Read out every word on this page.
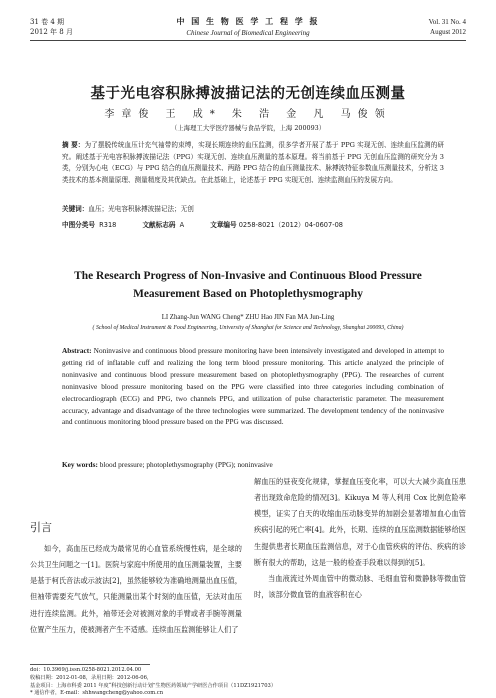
31 卷 4 期
2012 年 8 月
中 国 生 物 医 学 工 程 学 报
Chinese Journal of Biomedical Engineering
Vol. 31 No. 4
August 2012
基于光电容积脉搏波描记法的无创连续血压测量
李章俊 王 成* 朱 浩 金 凡 马俊领
（上海理工大学医疗器械与食品学院，上海 200093）
摘 要：为了摆脱传统血压计充气袖带的束缚，实现长期连续的血压监测，很多学者开展了基于 PPG 实现无创、连续血压监测的研究。阐述基于光电容积脉搏波描记法（PPG）实现无创、连续血压测量的基本原理。将当前基于 PPG 无创血压监测的研究分为 3 类，分别为心电（ECG）与 PPG 结合的血压测量技术、两路 PPG 结合的血压测量技术、脉搏波特征参数血压测量技术，分析这 3 类技术的基本测量原理、测量精度及其优缺点。在此基础上，论述基于 PPG 实现无创、连续监测血压的发展方向。
关键词：血压；光电容积脉搏波描记法；无创
中图分类号 R318	文献标志码 A	文章编号 0258-8021（2012）04-0607-08
The Research Progress of Non-Invasive and Continuous Blood Pressure
Measurement Based on Photoplethysmography
LI Zhang-Jun WANG Cheng* ZHU Hao JIN Fan MA Jun-Ling
( School of Medical Instrument & Food Engineering, University of Shanghai for Science and Technology, Shanghai 200093, China)
Abstract: Noninvasive and continuous blood pressure monitoring have been intensively investigated and developed in attempt to getting rid of inflatable cuff and realizing the long term blood pressure monitoring. This article analyzed the principle of noninvasive and continuous blood pressure measurement based on photoplethysmography (PPG). The researches of current noninvasive blood pressure monitoring based on the PPG were classified into three categories including combination of electrocardiograph (ECG) and PPG, two channels PPG, and utilization of pulse characteristic parameter. The measurement accuracy, advantage and disadvantage of the three technologies were summarized. The development tendency of the noninvasive and continuous monitoring blood pressure based on the PPG was discussed.
Key words: blood pressure; photoplethysmography (PPG); noninvasive
引言
如今，高血压已经成为最常见的心血管系统慢性病，是全球的公共卫生问题之一[1]。医院与家庭中所使用的血压测量装置，主要是基于柯氏音法或示波法[2]，虽然能够较为准确地测量出血压值，但袖带需要充气放气，只能测量出某个时刻的血压值，无法对血压进行连续监测。此外，袖带还会对被测对象的手臂或者手腕等测量位置产生压力，使被测者产生不适感。连续血压监测能够让人们了

解血压的昼夜变化规律，掌握血压变化率，可以大大减少高血压患者出现致命危险的情况[3]。Kikuya M 等人利用 Cox 比例危险率模型，证实了白天的收缩血压动脉变异的加剧会显著增加血心血管疾病引起的死亡率[4]。此外，长期、连续的血压监测数据能够给医生提供患者长期血压监测信息，对于心血管疾病的评估、疾病的诊断有很大的帮助，这是一般的检查手段难以得到的[5]。

当血液流过外周血管中的微动脉、毛细血管和微静脉等微血管时，该部分微血管的血液容积在心

doi：10.3969/j.issn.0258-8021.2012.04.00
收稿日期：2012-01-08，录用日期：2012-06-06，
基金项目：上海市科委 2011 年度“科技创新行动计划”生物医药领域产学研医合作项目（11DZ1921703）
* 通信作者，E-mail：shhwangcheng@yahoo.com.cn
